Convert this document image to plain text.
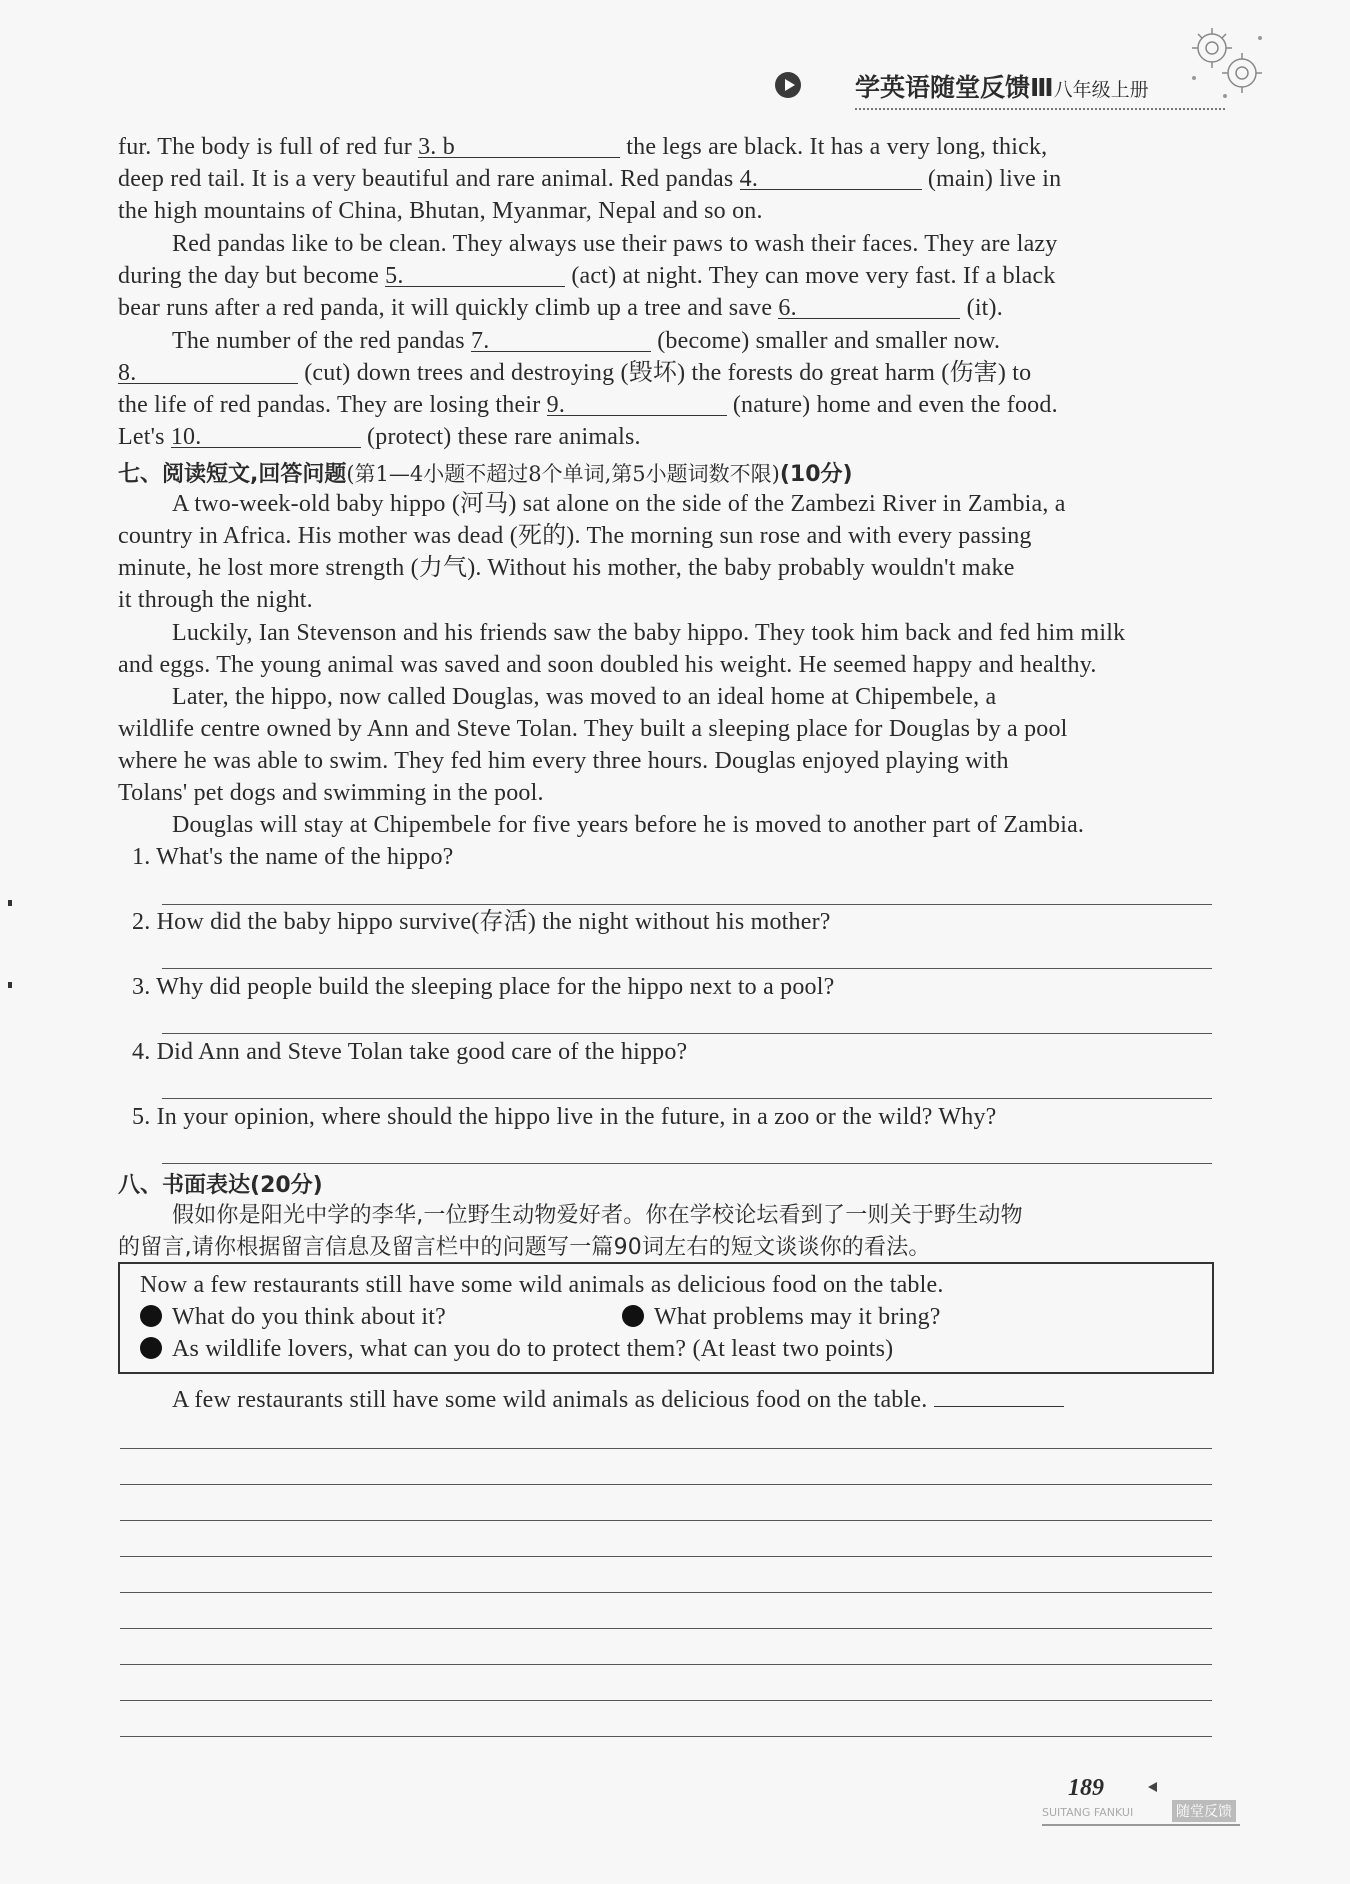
学英语随堂反馈Ⅲ八年级上册
fur. The body is full of red fur 3. b	the legs are black. It has a very long, thick,
deep red tail. It is a very beautiful and rare animal. Red pandas 4.	(main) live in
the high mountains of China, Bhutan, Myanmar, Nepal and so on.
Red pandas like to be clean. They always use their paws to wash their faces. They are lazy
during the day but become 5.	(act) at night. They can move very fast. If a black
bear runs after a red panda, it will quickly climb up a tree and save 6.	(it).
The number of the red pandas 7.	(become) smaller and smaller now.
8.	(cut) down trees and destroying (毁坏) the forests do great harm (伤害) to
the life of red pandas. They are losing their 9.	(nature) home and even the food.
Let's 10.	(protect) these rare animals.
七、阅读短文,回答问题(第1—4小题不超过8个单词,第5小题词数不限)(10分)
A two-week-old baby hippo (河马) sat alone on the side of the Zambezi River in Zambia, a
country in Africa. His mother was dead (死的). The morning sun rose and with every passing
minute, he lost more strength (力气). Without his mother, the baby probably wouldn't make
it through the night.
Luckily, Ian Stevenson and his friends saw the baby hippo. They took him back and fed him milk
and eggs. The young animal was saved and soon doubled his weight. He seemed happy and healthy.
Later, the hippo, now called Douglas, was moved to an ideal home at Chipembele, a
wildlife centre owned by Ann and Steve Tolan. They built a sleeping place for Douglas by a pool
where he was able to swim. They fed him every three hours. Douglas enjoyed playing with
Tolans' pet dogs and swimming in the pool.
Douglas will stay at Chipembele for five years before he is moved to another part of Zambia.
1. What's the name of the hippo?
2. How did the baby hippo survive(存活) the night without his mother?
3. Why did people build the sleeping place for the hippo next to a pool?
4. Did Ann and Steve Tolan take good care of the hippo?
5. In your opinion, where should the hippo live in the future, in a zoo or the wild? Why?
八、书面表达(20分)
假如你是阳光中学的李华,一位野生动物爱好者。你在学校论坛看到了一则关于野生动物
的留言,请你根据留言信息及留言栏中的问题写一篇90词左右的短文谈谈你的看法。
Now a few restaurants still have some wild animals as delicious food on the table.
What do you think about it?	What problems may it bring?
As wildlife lovers, what can you do to protect them? (At least two points)
A few restaurants still have some wild animals as delicious food on the table.
189
SUITANG FANKUI	随堂反馈
